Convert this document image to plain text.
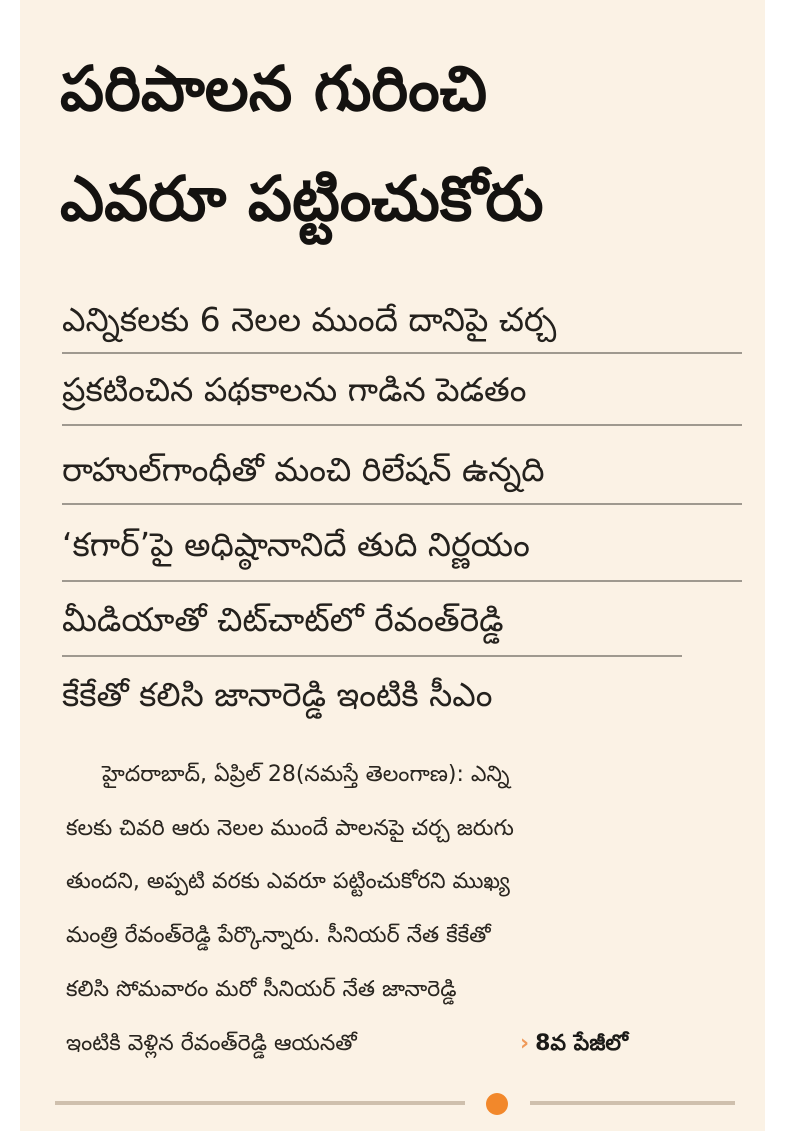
పరిపాలన గురించి
ఎవరూ పట్టించుకోరు
ఎన్నికలకు 6 నెలల ముందే దానిపై చర్చ
ప్రకటించిన పథకాలను గాడిన పెడతం
రాహుల్‌గాంధీతో మంచి రిలేషన్ ఉన్నది
‘కగార్’పై అధిష్ఠానానిదే తుది నిర్ణయం
మీడియాతో చిట్‌చాట్‌లో రేవంత్‌రెడ్డి
కేకేతో కలిసి జానారెడ్డి ఇంటికి సీఎం
హైదరాబాద్, ఏప్రిల్ 28(నమస్తే తెలంగాణ): ఎన్ని
కలకు చివరి ఆరు నెలల ముందే పాలనపై చర్చ జరుగు
తుందని, అప్పటి వరకు ఎవరూ పట్టించుకోరని ముఖ్య
మంత్రి రేవంత్‌రెడ్డి పేర్కొన్నారు. సీనియర్ నేత కేకేతో
కలిసి సోమవారం మరో సీనియర్ నేత జానారెడ్డి
ఇంటికి వెళ్లిన రేవంత్‌రెడ్డి ఆయనతో	› 8వ పేజీలో
